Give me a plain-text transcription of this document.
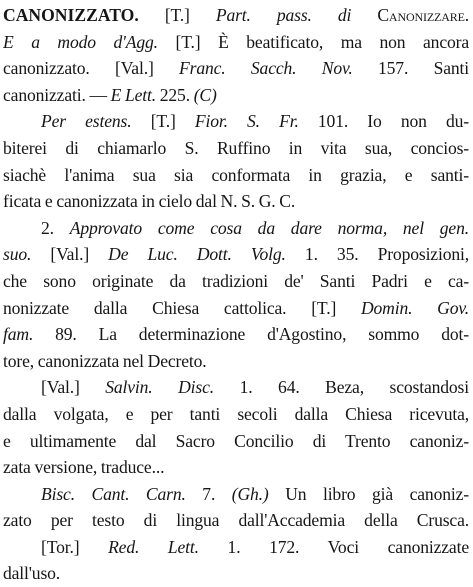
CANONIZZATO. [T.] Part. pass. di Canonizzare.
E a modo d'Agg. [T.] È beatificato, ma non ancora
canonizzato. [Val.] Franc. Sacch. Nov. 157. Santi
canonizzati. — E Lett. 225. (C)
Per estens. [T.] Fior. S. Fr. 101. Io non du-
biterei di chiamarlo S. Ruffino in vita sua, concios-
siachè l'anima sua sia conformata in grazia, e santi-
ficata e canonizzata in cielo dal N. S. G. C.
2. Approvato come cosa da dare norma, nel gen.
suo. [Val.] De Luc. Dott. Volg. 1. 35. Proposizioni,
che sono originate da tradizioni de' Santi Padri e ca-
nonizzate dalla Chiesa cattolica. [T.] Domin. Gov.
fam. 89. La determinazione d'Agostino, sommo dot-
tore, canonizzata nel Decreto.
[Val.] Salvin. Disc. 1. 64. Beza, scostandosi
dalla volgata, e per tanti secoli dalla Chiesa ricevuta,
e ultimamente dal Sacro Concilio di Trento canoniz-
zata versione, traduce...
Bisc. Cant. Carn. 7. (Gh.) Un libro già canoniz-
zato per testo di lingua dall'Accademia della Crusca.
[Tor.] Red. Lett. 1. 172. Voci canonizzate
dall'uso.
